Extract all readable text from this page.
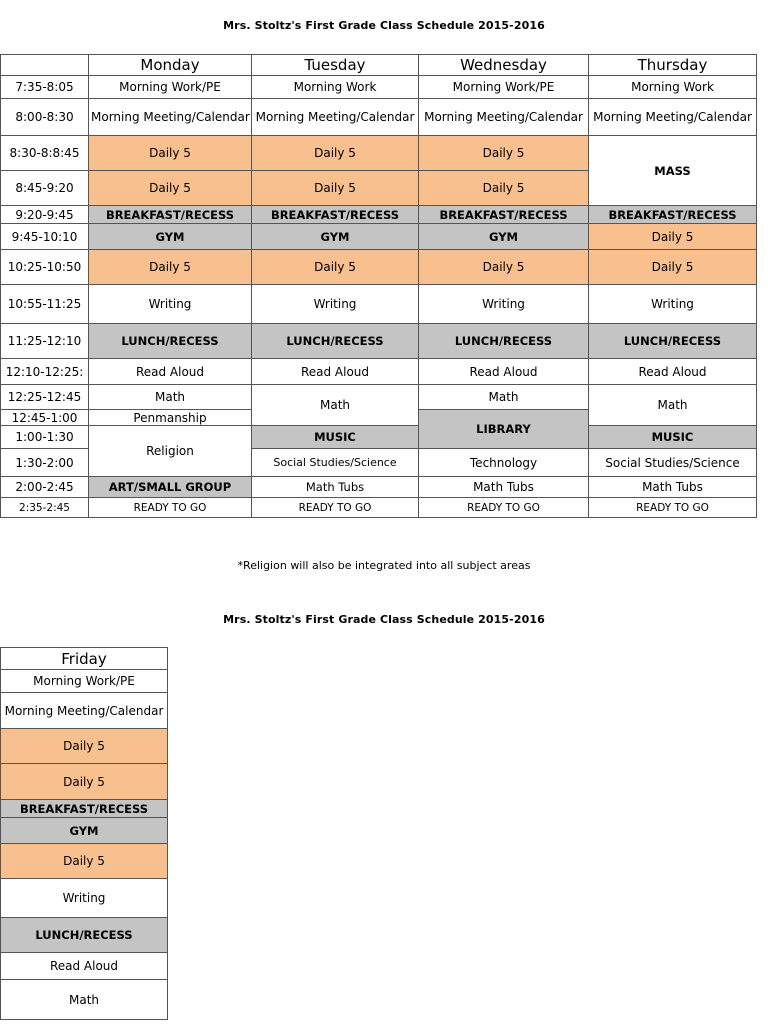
Mrs. Stoltz's First Grade Class Schedule 2015-2016
	Monday	Tuesday	Wednesday	Thursday
7:35-8:05	Morning Work/PE	Morning Work	Morning Work/PE	Morning Work
8:00-8:30	Morning Meeting/Calendar	Morning Meeting/Calendar	Morning Meeting/Calendar	Morning Meeting/Calendar
8:30-8:8:45	Daily 5	Daily 5	Daily 5	MASS
8:45-9:20	Daily 5	Daily 5	Daily 5	
9:20-9:45	BREAKFAST/RECESS	BREAKFAST/RECESS	BREAKFAST/RECESS	BREAKFAST/RECESS
9:45-10:10	GYM	GYM	GYM	Daily 5
10:25-10:50	Daily 5	Daily 5	Daily 5	Daily 5
10:55-11:25	Writing	Writing	Writing	Writing
11:25-12:10	LUNCH/RECESS	LUNCH/RECESS	LUNCH/RECESS	LUNCH/RECESS
12:10-12:25:	Read Aloud	Read Aloud	Read Aloud	Read Aloud
12:25-12:45	Math	Math	Math	Math
12:45-1:00	Penmanship		LIBRARY	
1:00-1:30	Religion	MUSIC		MUSIC
1:30-2:00		Social Studies/Science	Technology	Social Studies/Science
2:00-2:45	ART/SMALL GROUP	Math Tubs	Math Tubs	Math Tubs
2:35-2:45	READY TO GO	READY TO GO	READY TO GO	READY TO GO
*Religion will also be integrated into all subject areas
Mrs. Stoltz's First Grade Class Schedule 2015-2016
Friday
Morning Work/PE
Morning Meeting/Calendar
Daily 5
Daily 5
BREAKFAST/RECESS
GYM
Daily 5
Writing
LUNCH/RECESS
Read Aloud
Math
